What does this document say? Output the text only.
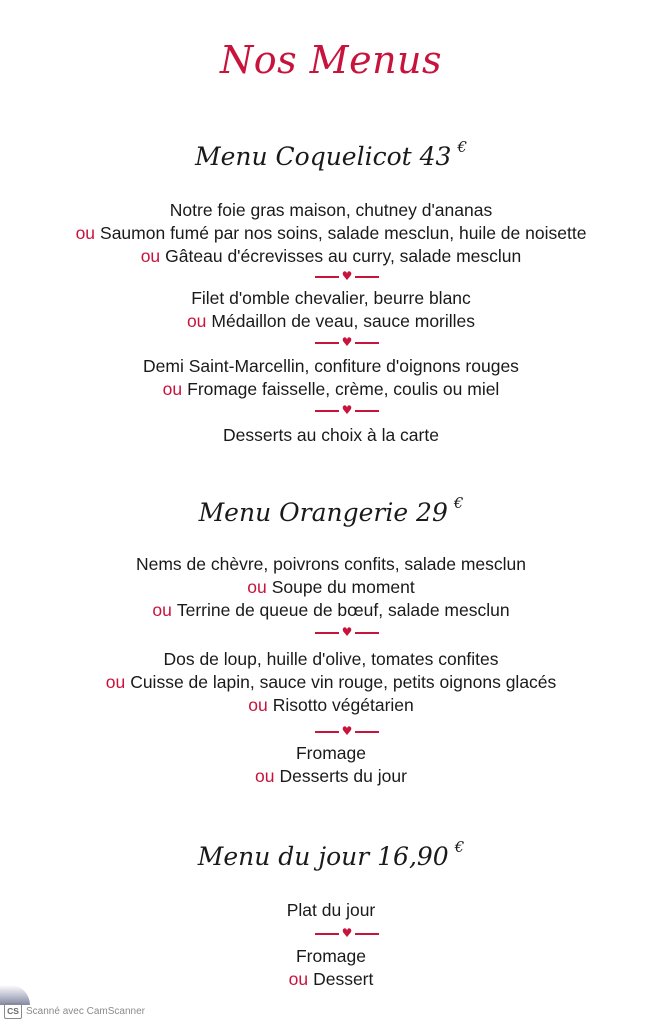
Nos Menus
Menu Coquelicot 43 €
Notre foie gras maison, chutney d'ananas
ou Saumon fumé par nos soins, salade mesclun, huile de noisette
ou Gâteau d'écrevisses au curry, salade mesclun
♥
Filet d'omble chevalier, beurre blanc
ou Médaillon de veau, sauce morilles
♥
Demi Saint-Marcellin, confiture d'oignons rouges
ou Fromage faisselle, crème, coulis ou miel
♥
Desserts au choix à la carte
Menu Orangerie 29 €
Nems de chèvre, poivrons confits, salade mesclun
ou Soupe du moment
ou Terrine de queue de bœuf, salade mesclun
♥
Dos de loup, huille d'olive, tomates confites
ou Cuisse de lapin, sauce vin rouge, petits oignons glacés
ou Risotto végétarien
♥
Fromage
ou Desserts du jour
Menu du jour 16,90 €
Plat du jour
♥
Fromage
ou Dessert
CS Scanné avec CamScanner
